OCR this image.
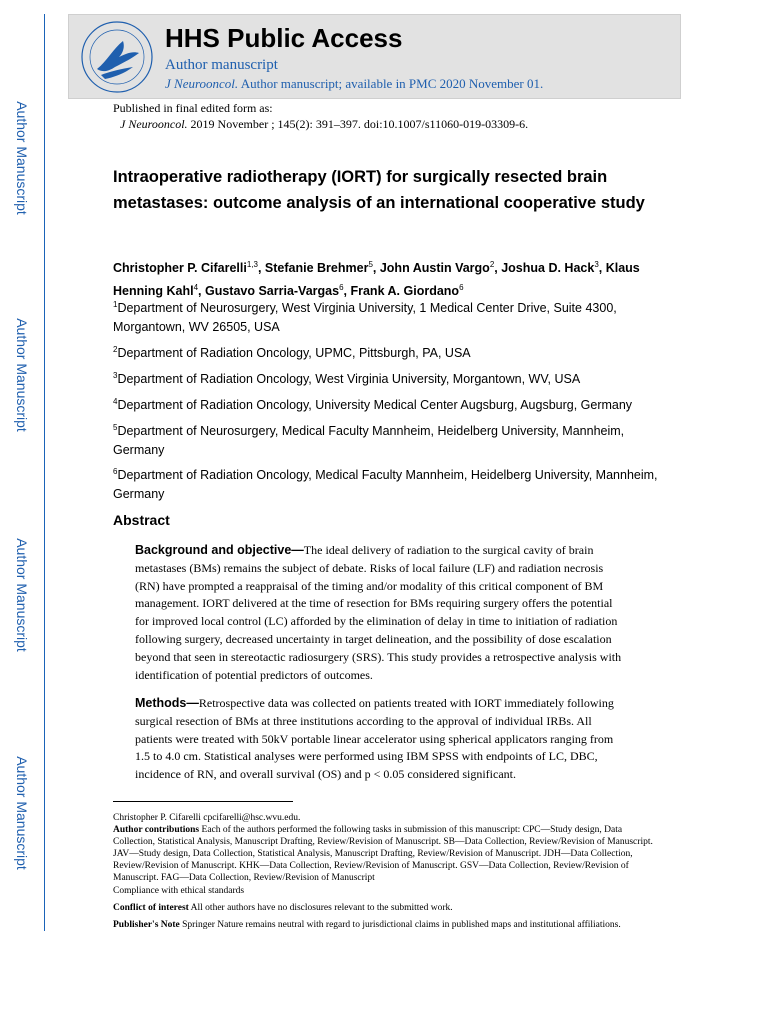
Author Manuscript
Author Manuscript
Author Manuscript
Author Manuscript
HHS Public Access
Author manuscript
J Neurooncol. Author manuscript; available in PMC 2020 November 01.
Published in final edited form as:
J Neurooncol. 2019 November ; 145(2): 391–397. doi:10.1007/s11060-019-03309-6.
Intraoperative radiotherapy (IORT) for surgically resected brain metastases: outcome analysis of an international cooperative study
Christopher P. Cifarelli$^{1,3}$, Stefanie Brehmer$^5$, John Austin Vargo$^2$, Joshua D. Hack$^3$, Klaus Henning Kahl$^4$, Gustavo Sarria-Vargas$^6$, Frank A. Giordano$^6$
$^1$Department of Neurosurgery, West Virginia University, 1 Medical Center Drive, Suite 4300, Morgantown, WV 26505, USA
$^2$Department of Radiation Oncology, UPMC, Pittsburgh, PA, USA
$^3$Department of Radiation Oncology, West Virginia University, Morgantown, WV, USA
$^4$Department of Radiation Oncology, University Medical Center Augsburg, Augsburg, Germany
$^5$Department of Neurosurgery, Medical Faculty Mannheim, Heidelberg University, Mannheim, Germany
$^6$Department of Radiation Oncology, Medical Faculty Mannheim, Heidelberg University, Mannheim, Germany
Abstract
Background and objective—The ideal delivery of radiation to the surgical cavity of brain metastases (BMs) remains the subject of debate. Risks of local failure (LF) and radiation necrosis (RN) have prompted a reappraisal of the timing and/or modality of this critical component of BM management. IORT delivered at the time of resection for BMs requiring surgery offers the potential for improved local control (LC) afforded by the elimination of delay in time to initiation of radiation following surgery, decreased uncertainty in target delineation, and the possibility of dose escalation beyond that seen in stereotactic radiosurgery (SRS). This study provides a retrospective analysis with identification of potential predictors of outcomes.
Methods—Retrospective data was collected on patients treated with IORT immediately following surgical resection of BMs at three institutions according to the approval of individual IRBs. All patients were treated with 50kV portable linear accelerator using spherical applicators ranging from 1.5 to 4.0 cm. Statistical analyses were performed using IBM SPSS with endpoints of LC, DBC, incidence of RN, and overall survival (OS) and p < 0.05 considered significant.
Christopher P. Cifarelli cpcifarelli@hsc.wvu.edu.
Author contributions Each of the authors performed the following tasks in submission of this manuscript: CPC—Study design, Data Collection, Statistical Analysis, Manuscript Drafting, Review/Revision of Manuscript. SB—Data Collection, Review/Revision of Manuscript. JAV—Study design, Data Collection, Statistical Analysis, Manuscript Drafting, Review/Revision of Manuscript. JDH—Data Collection, Review/Revision of Manuscript. KHK—Data Collection, Review/Revision of Manuscript. GSV—Data Collection, Review/Revision of Manuscript. FAG—Data Collection, Review/Revision of Manuscript
Compliance with ethical standards
Conflict of interest All other authors have no disclosures relevant to the submitted work.
Publisher's Note Springer Nature remains neutral with regard to jurisdictional claims in published maps and institutional affiliations.
